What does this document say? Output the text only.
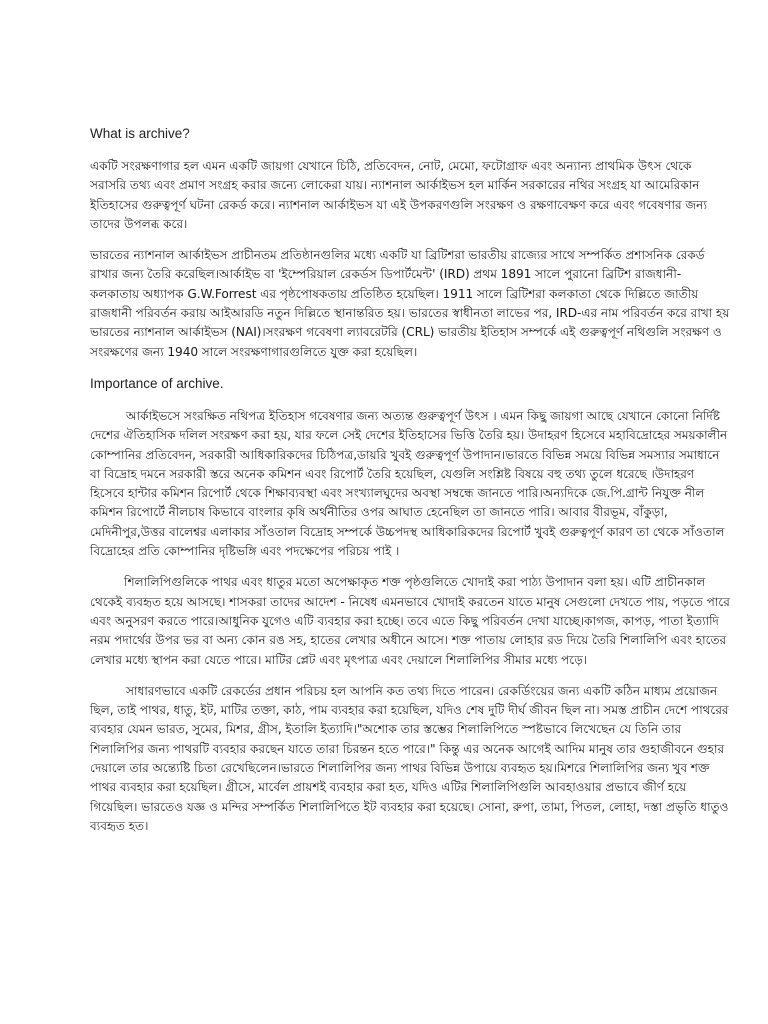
What is archive?

একটি সংরক্ষণাগার হল এমন একটি জায়গা যেখানে চিঠি, প্রতিবেদন, নোট, মেমো, ফটোগ্রাফ এবং অন্যান্য প্রাথমিক উৎস থেকে সরাসরি তথ্য এবং প্রমাণ সংগ্রহ করার জন্যে লোকেরা যায়। ন্যাশনাল আর্কাইভস হল মার্কিন সরকারের নথির সংগ্রহ যা আমেরিকান ইতিহাসের গুরুত্বপূর্ণ ঘটনা রেকর্ড করে। ন্যাশনাল আর্কাইভস যা এই উপকরণগুলি সংরক্ষণ ও রক্ষণাবেক্ষণ করে এবং গবেষণার জন্য তাদের উপলব্ধ করে।

ভারতের ন্যাশনাল আর্কাইভস প্রাচীনতম প্রতিষ্ঠানগুলির মধ্যে একটি যা ব্রিটিশরা ভারতীয় রাজ্যের সাথে সম্পর্কিত প্রশাসনিক রেকর্ড রাখার জন্য তৈরি করেছিল।আর্কাইভ বা 'ইম্পেরিয়াল রেকর্ডস ডিপার্টমেন্ট' (IRD) প্রথম 1891 সালে পুরানো ব্রিটিশ রাজধানী-কলকাতায় অধ্যাপক G.W.Forrest এর পৃষ্ঠপোষকতায় প্রতিষ্ঠিত হয়েছিল। 1911 সালে ব্রিটিশরা কলকাতা থেকে দিল্লিতে জাতীয় রাজধানী পরিবর্তন করায় আইআরডি নতুন দিল্লিতে স্থানান্তরিত হয়। ভারতের স্বাধীনতা লাভের পর, IRD-এর নাম পরিবর্তন করে রাখা হয় ভারতের ন্যাশনাল আর্কাইভস (NAI)।সংরক্ষণ গবেষণা ল্যাবরেটরি (CRL) ভারতীয় ইতিহাস সম্পর্কে এই গুরুত্বপূর্ণ নথিগুলি সংরক্ষণ ও সংরক্ষণের জন্য 1940 সালে সংরক্ষণাগারগুলিতে যুক্ত করা হয়েছিল।

Importance of archive.

আর্কাইভসে সংরক্ষিত নথিপত্র ইতিহাস গবেষণার জন্য অত্যন্ত গুরুত্বপূর্ণ উৎস । এমন কিছু জায়গা আছে যেখানে কোনো নির্দিষ্ট দেশের ঐতিহাসিক দলিল সংরক্ষণ করা হয়, যার ফলে সেই দেশের ইতিহাসের ভিত্তি তৈরি হয়। উদাহরণ হিসেবে মহাবিদ্রোহের সময়কালীন কোম্পানির প্রতিবেদন, সরকারী আধিকারিকদের চিঠিপত্র,ডায়রি খুবই গুরুত্বপূর্ণ উপাদান।ভারতে বিভিন্ন সময়ে বিভিন্ন সমস্যার সমাধানে বা বিদ্রোহ দমনে সরকারী স্তরে অনেক কমিশন এবং রিপোর্ট তৈরি হয়েছিল, যেগুলি সংশ্লিষ্ট বিষয়ে বহু তথ্য তুলে ধরেছে ।উদাহরণ হিসেবে হান্টার কমিশন রিপোর্ট থেকে শিক্ষাব্যবস্থা এবং সংখ্যালঘুদের অবস্থা সম্বন্ধে জানতে পারি।অন্যদিকে জে.পি.গ্রান্ট নিযুক্ত নীল কমিশন রিপোর্টে নীলচাষ কিভাবে বাংলার কৃষি অর্থনীতির ওপর আঘাত হেনেছিল তা জানতে পারি। আবার বীরভূম, বাঁকুড়া, মেদিনীপুর,উত্তর বালেশ্বর এলাকার সাঁওতাল বিদ্রোহ সম্পর্কে উচ্চপদস্থ আধিকারিকদের রিপোর্ট খুবই গুরুত্বপূর্ণ কারণ তা থেকে সাঁওতাল বিদ্রোহের প্রতি কোম্পানির দৃষ্টিভঙ্গি এবং পদক্ষেপের পরিচয় পাই ।

শিলালিপিগুলিকে পাথর এবং ধাতুর মতো অপেক্ষাকৃত শক্ত পৃষ্ঠগুলিতে খোদাই করা পাঠ্য উপাদান বলা হয়। এটি প্রাচীনকাল থেকেই ব্যবহৃত হয়ে আসছে। শাসকরা তাদের আদেশ - নিষেধ এমনভাবে খোদাই করতেন যাতে মানুষ সেগুলো দেখতে পায়, পড়তে পারে এবং অনুসরণ করতে পারে।আধুনিক যুগেও এটি ব্যবহার করা হচ্ছে। তবে এতে কিছু পরিবর্তন দেখা যাচ্ছে।কাগজ, কাপড়, পাতা ইত্যাদি নরম পদার্থের উপর ভর বা অন্য কোন রঙ সহ, হাতের লেখার অধীনে আসে। শক্ত পাতায় লোহার রড দিয়ে তৈরি শিলালিপি এবং হাতের লেখার মধ্যে স্থাপন করা যেতে পারে। মাটির প্লেট এবং মৃৎপাত্র এবং দেয়ালে শিলালিপির সীমার মধ্যে পড়ে।

সাধারণভাবে একটি রেকর্ডের প্রধান পরিচয় হল আপনি কত তথ্য দিতে পারেন। রেকর্ডিংয়ের জন্য একটি কঠিন মাধ্যম প্রয়োজন ছিল, তাই পাথর, ধাতু, ইট, মাটির তক্তা, কাঠ, পাম ব্যবহার করা হয়েছিল, যদিও শেষ দুটি দীর্ঘ জীবন ছিল না। সমস্ত প্রাচীন দেশে পাথরের ব্যবহার যেমন ভারত, সুমের, মিশর, গ্রীস, ইতালি ইত্যাদি।"অশোক তার স্তম্ভের শিলালিপিতে স্পষ্টভাবে লিখেছেন যে তিনি তার শিলালিপির জন্য পাথরটি ব্যবহার করছেন যাতে তারা চিরন্তন হতে পারে।" কিন্তু এর অনেক আগেই আদিম মানুষ তার গুহাজীবনে গুহার দেয়ালে তার অন্ত্যেষ্টি চিতা রেখেছিলেন।ভারতে শিলালিপির জন্য পাথর বিভিন্ন উপায়ে ব্যবহৃত হয়।মিশরে শিলালিপির জন্য খুব শক্ত পাথর ব্যবহার করা হয়েছিল। গ্রীসে, মার্বেল প্রায়শই ব্যবহার করা হত, যদিও এটির শিলালিপিগুলি আবহাওয়ার প্রভাবে জীর্ণ হয়ে গিয়েছিল। ভারতেও যজ্ঞ ও মন্দির সম্পর্কিত শিলালিপিতে ইট ব্যবহার করা হয়েছে। সোনা, রুপা, তামা, পিতল, লোহা, দস্তা প্রভৃতি ধাতুও ব্যবহৃত হত।
